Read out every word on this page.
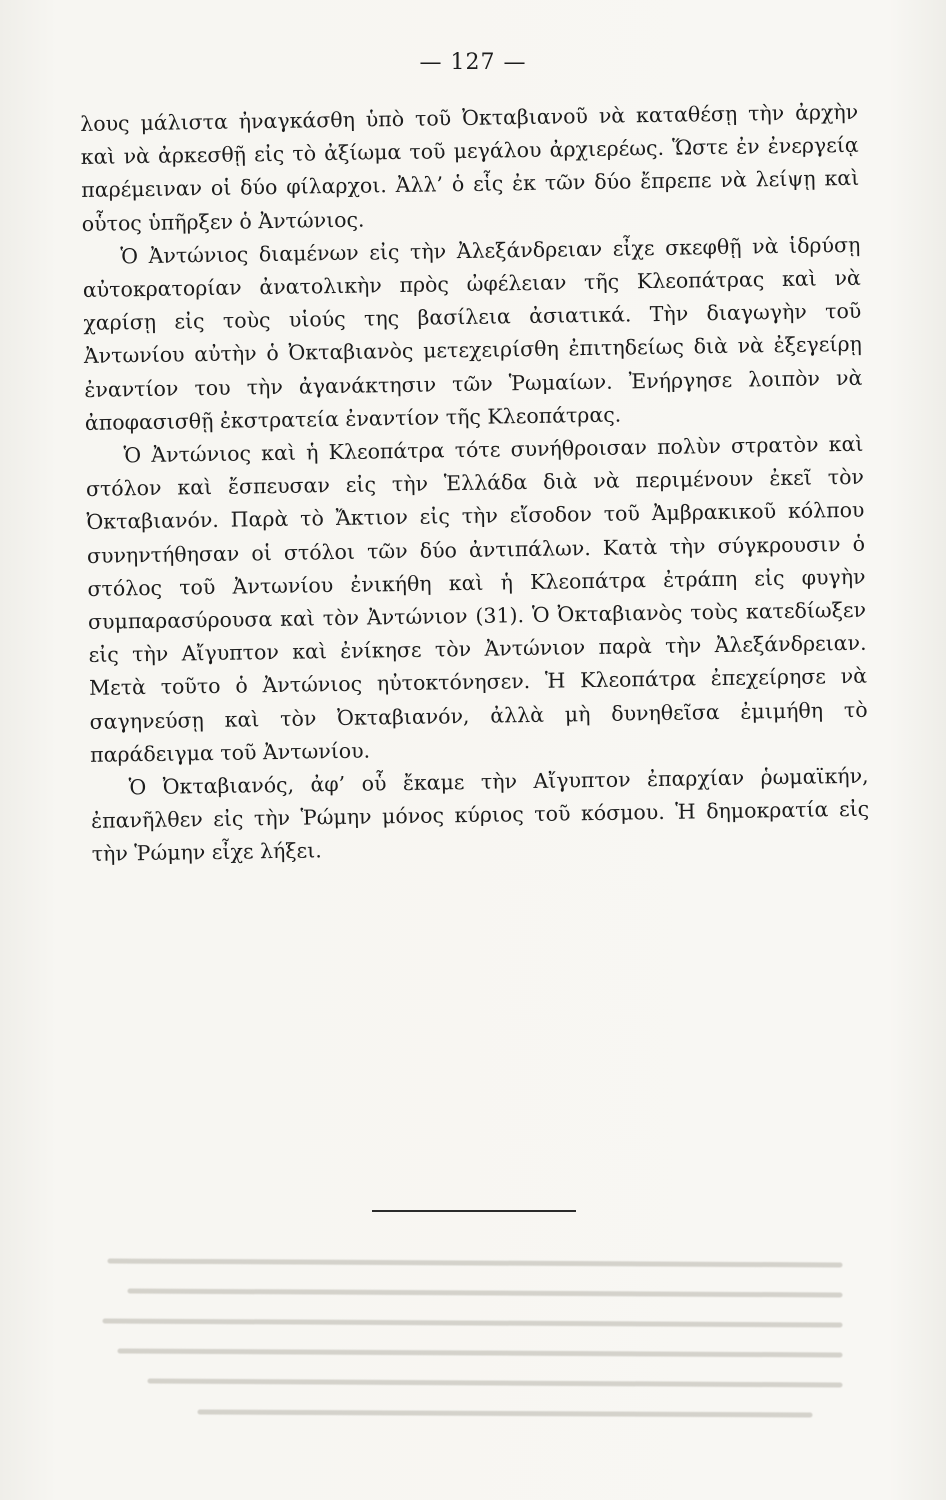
— 127 —

λους μάλιστα ἠναγκάσθη ὑπὸ τοῦ Ὀκταβιανοῦ νὰ καταθέσῃ τὴν ἀρχὴν καὶ νὰ ἀρκεσθῇ εἰς τὸ ἀξίωμα τοῦ μεγάλου ἀρχιερέως. Ὥστε ἐν ἐνεργείᾳ παρέμειναν οἱ δύο φίλαρχοι. Ἀλλ’ ὁ εἷς ἐκ τῶν δύο ἔπρεπε νὰ λείψῃ καὶ οὗτος ὑπῆρξεν ὁ Ἀντώνιος.

Ὁ Ἀντώνιος διαμένων εἰς τὴν Ἀλεξάνδρειαν εἶχε σκεφθῇ νὰ ἱδρύσῃ αὐτοκρατορίαν ἀνατολικὴν πρὸς ὠφέλειαν τῆς Κλεοπάτρας καὶ νὰ χαρίσῃ εἰς τοὺς υἱούς της βασίλεια ἀσιατικά. Τὴν διαγωγὴν τοῦ Ἀντωνίου αὐτὴν ὁ Ὀκταβιανὸς μετεχειρίσθη ἐπιτηδείως διὰ νὰ ἐξεγείρῃ ἐναντίον του τὴν ἀγανάκτησιν τῶν Ῥωμαίων. Ἐνήργησε λοιπὸν νὰ ἀποφασισθῇ ἐκστρατεία ἐναντίον τῆς Κλεοπάτρας.

Ὁ Ἀντώνιος καὶ ἡ Κλεοπάτρα τότε συνήθροισαν πολὺν στρατὸν καὶ στόλον καὶ ἔσπευσαν εἰς τὴν Ἑλλάδα διὰ νὰ περιμένουν ἐκεῖ τὸν Ὀκταβιανόν. Παρὰ τὸ Ἄκτιον εἰς τὴν εἴσοδον τοῦ Ἀμβρακικοῦ κόλπου συνηντήθησαν οἱ στόλοι τῶν δύο ἀντιπάλων. Κατὰ τὴν σύγκρουσιν ὁ στόλος τοῦ Ἀντωνίου ἐνικήθη καὶ ἡ Κλεοπάτρα ἐτράπη εἰς φυγὴν συμπαρασύρουσα καὶ τὸν Ἀντώνιον (31). Ὁ Ὀκταβιανὸς τοὺς κατεδίωξεν εἰς τὴν Αἴγυπτον καὶ ἐνίκησε τὸν Ἀντώνιον παρὰ τὴν Ἀλεξάνδρειαν. Μετὰ τοῦτο ὁ Ἀντώνιος ηὐτοκτόνησεν. Ἡ Κλεοπάτρα ἐπεχείρησε νὰ σαγηνεύσῃ καὶ τὸν Ὀκταβιανόν, ἀλλὰ μὴ δυνηθεῖσα ἐμιμήθη τὸ παράδειγμα τοῦ Ἀντωνίου.

Ὁ Ὀκταβιανός, ἀφ’ οὗ ἔκαμε τὴν Αἴγυπτον ἐπαρχίαν ῥωμαϊκήν, ἐπανῆλθεν εἰς τὴν Ῥώμην μόνος κύριος τοῦ κόσμου. Ἡ δημοκρατία εἰς τὴν Ῥώμην εἶχε λήξει.
